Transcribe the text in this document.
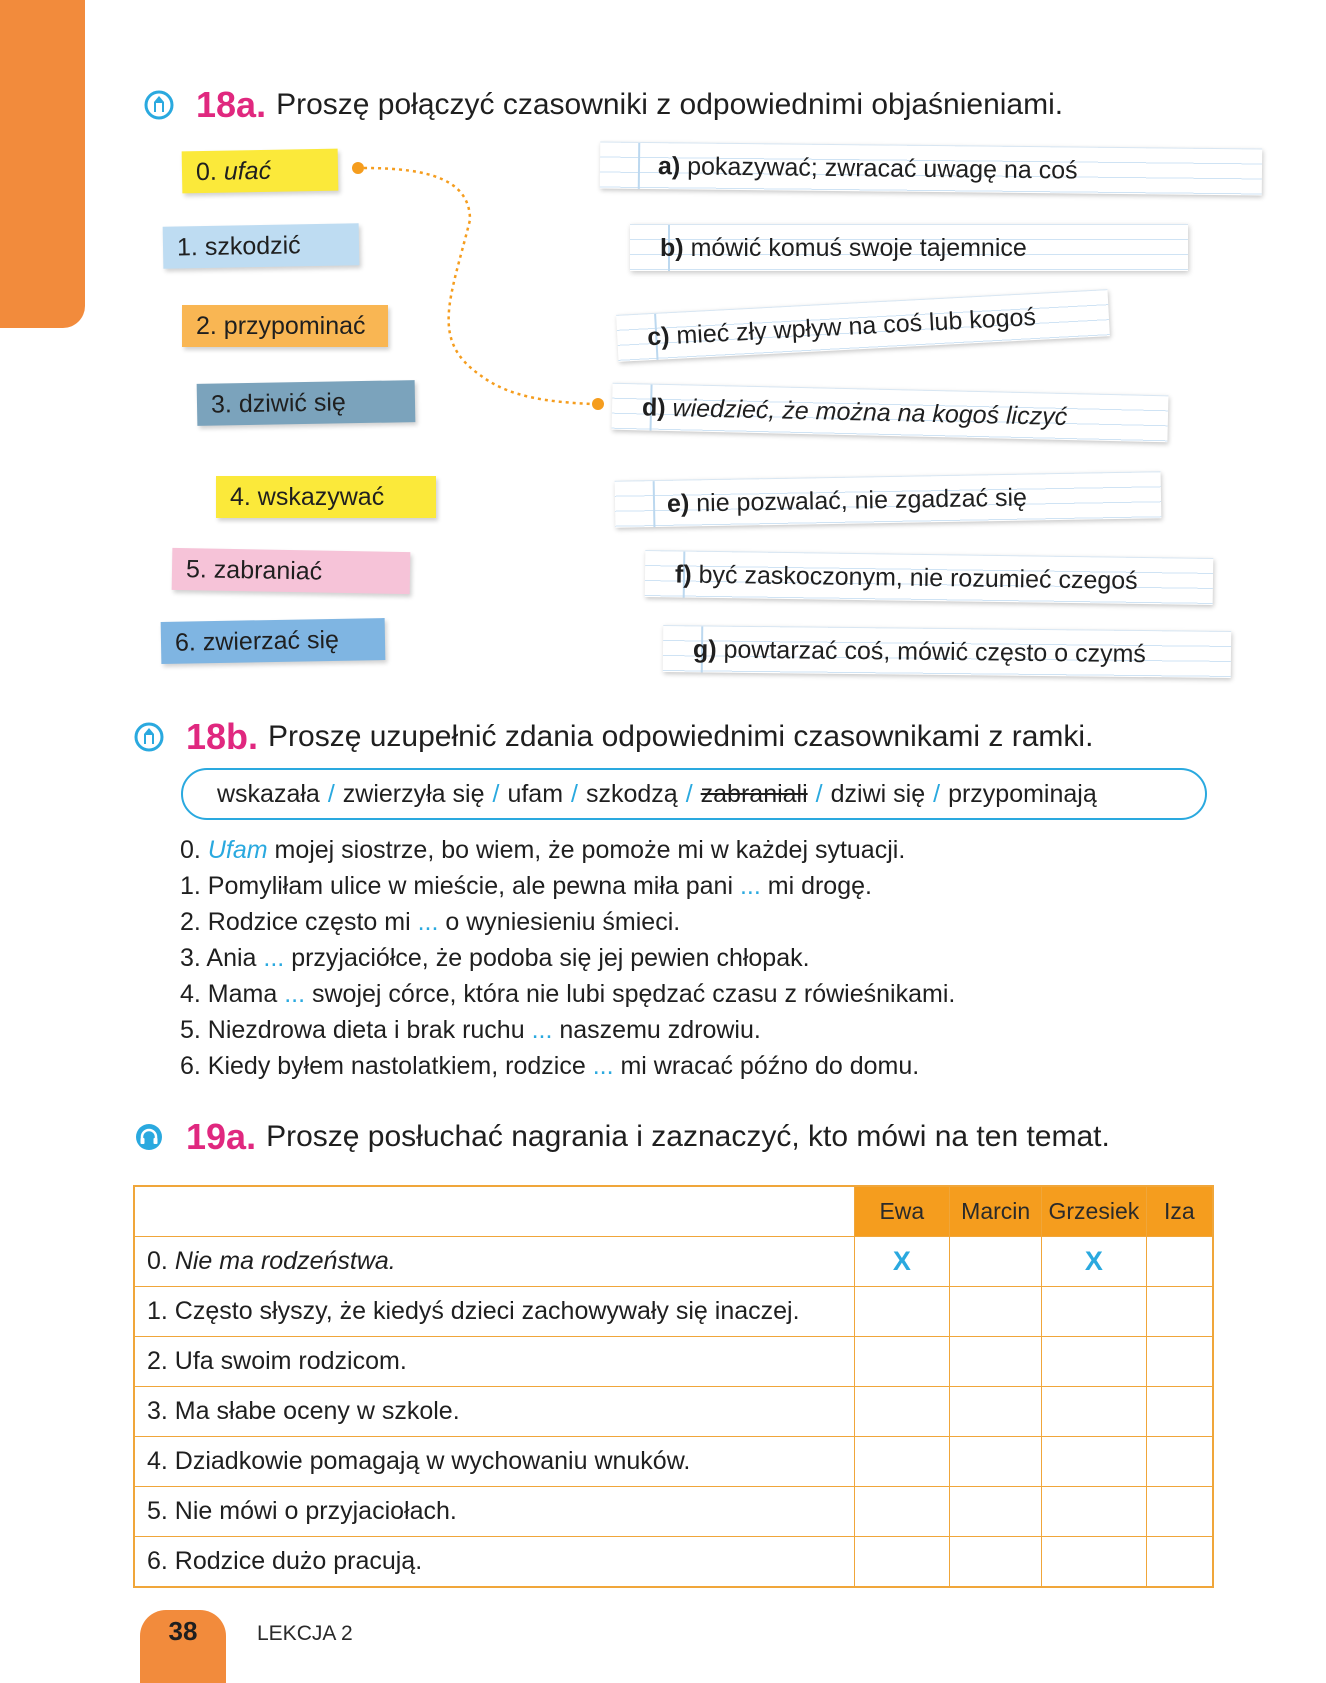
18a. Proszę połączyć czasowniki z odpowiednimi objaśnieniami.
0. ufać
1. szkodzić
2. przypominać
3. dziwić się
4. wskazywać
5. zabraniać
6. zwierzać się
a) pokazywać; zwracać uwagę na coś
b) mówić komuś swoje tajemnice
c) mieć zły wpływ na coś lub kogoś
d) wiedzieć, że można na kogoś liczyć
e) nie pozwalać, nie zgadzać się
f) być zaskoczonym, nie rozumieć czegoś
g) powtarzać coś, mówić często o czymś
18b. Proszę uzupełnić zdania odpowiednimi czasownikami z ramki.
wskazała / zwierzyła się / ufam / szkodzą / zabraniali / dziwi się / przypominają
0. Ufam mojej siostrze, bo wiem, że pomoże mi w każdej sytuacji.
1. Pomyliłam ulice w mieście, ale pewna miła pani ... mi drogę.
2. Rodzice często mi ... o wyniesieniu śmieci.
3. Ania ... przyjaciółce, że podoba się jej pewien chłopak.
4. Mama ... swojej córce, która nie lubi spędzać czasu z rówieśnikami.
5. Niezdrowa dieta i brak ruchu ... naszemu zdrowiu.
6. Kiedy byłem nastolatkiem, rodzice ... mi wracać późno do domu.
19a. Proszę posłuchać nagrania i zaznaczyć, kto mówi na ten temat.
	Ewa	Marcin	Grzesiek	Iza
0. Nie ma rodzeństwa.	X		X	
1. Często słyszy, że kiedyś dzieci zachowywały się inaczej.				
2. Ufa swoim rodzicom.				
3. Ma słabe oceny w szkole.				
4. Dziadkowie pomagają w wychowaniu wnuków.				
5. Nie mówi o przyjaciołach.				
6. Rodzice dużo pracują.				
38	LEKCJA 2
